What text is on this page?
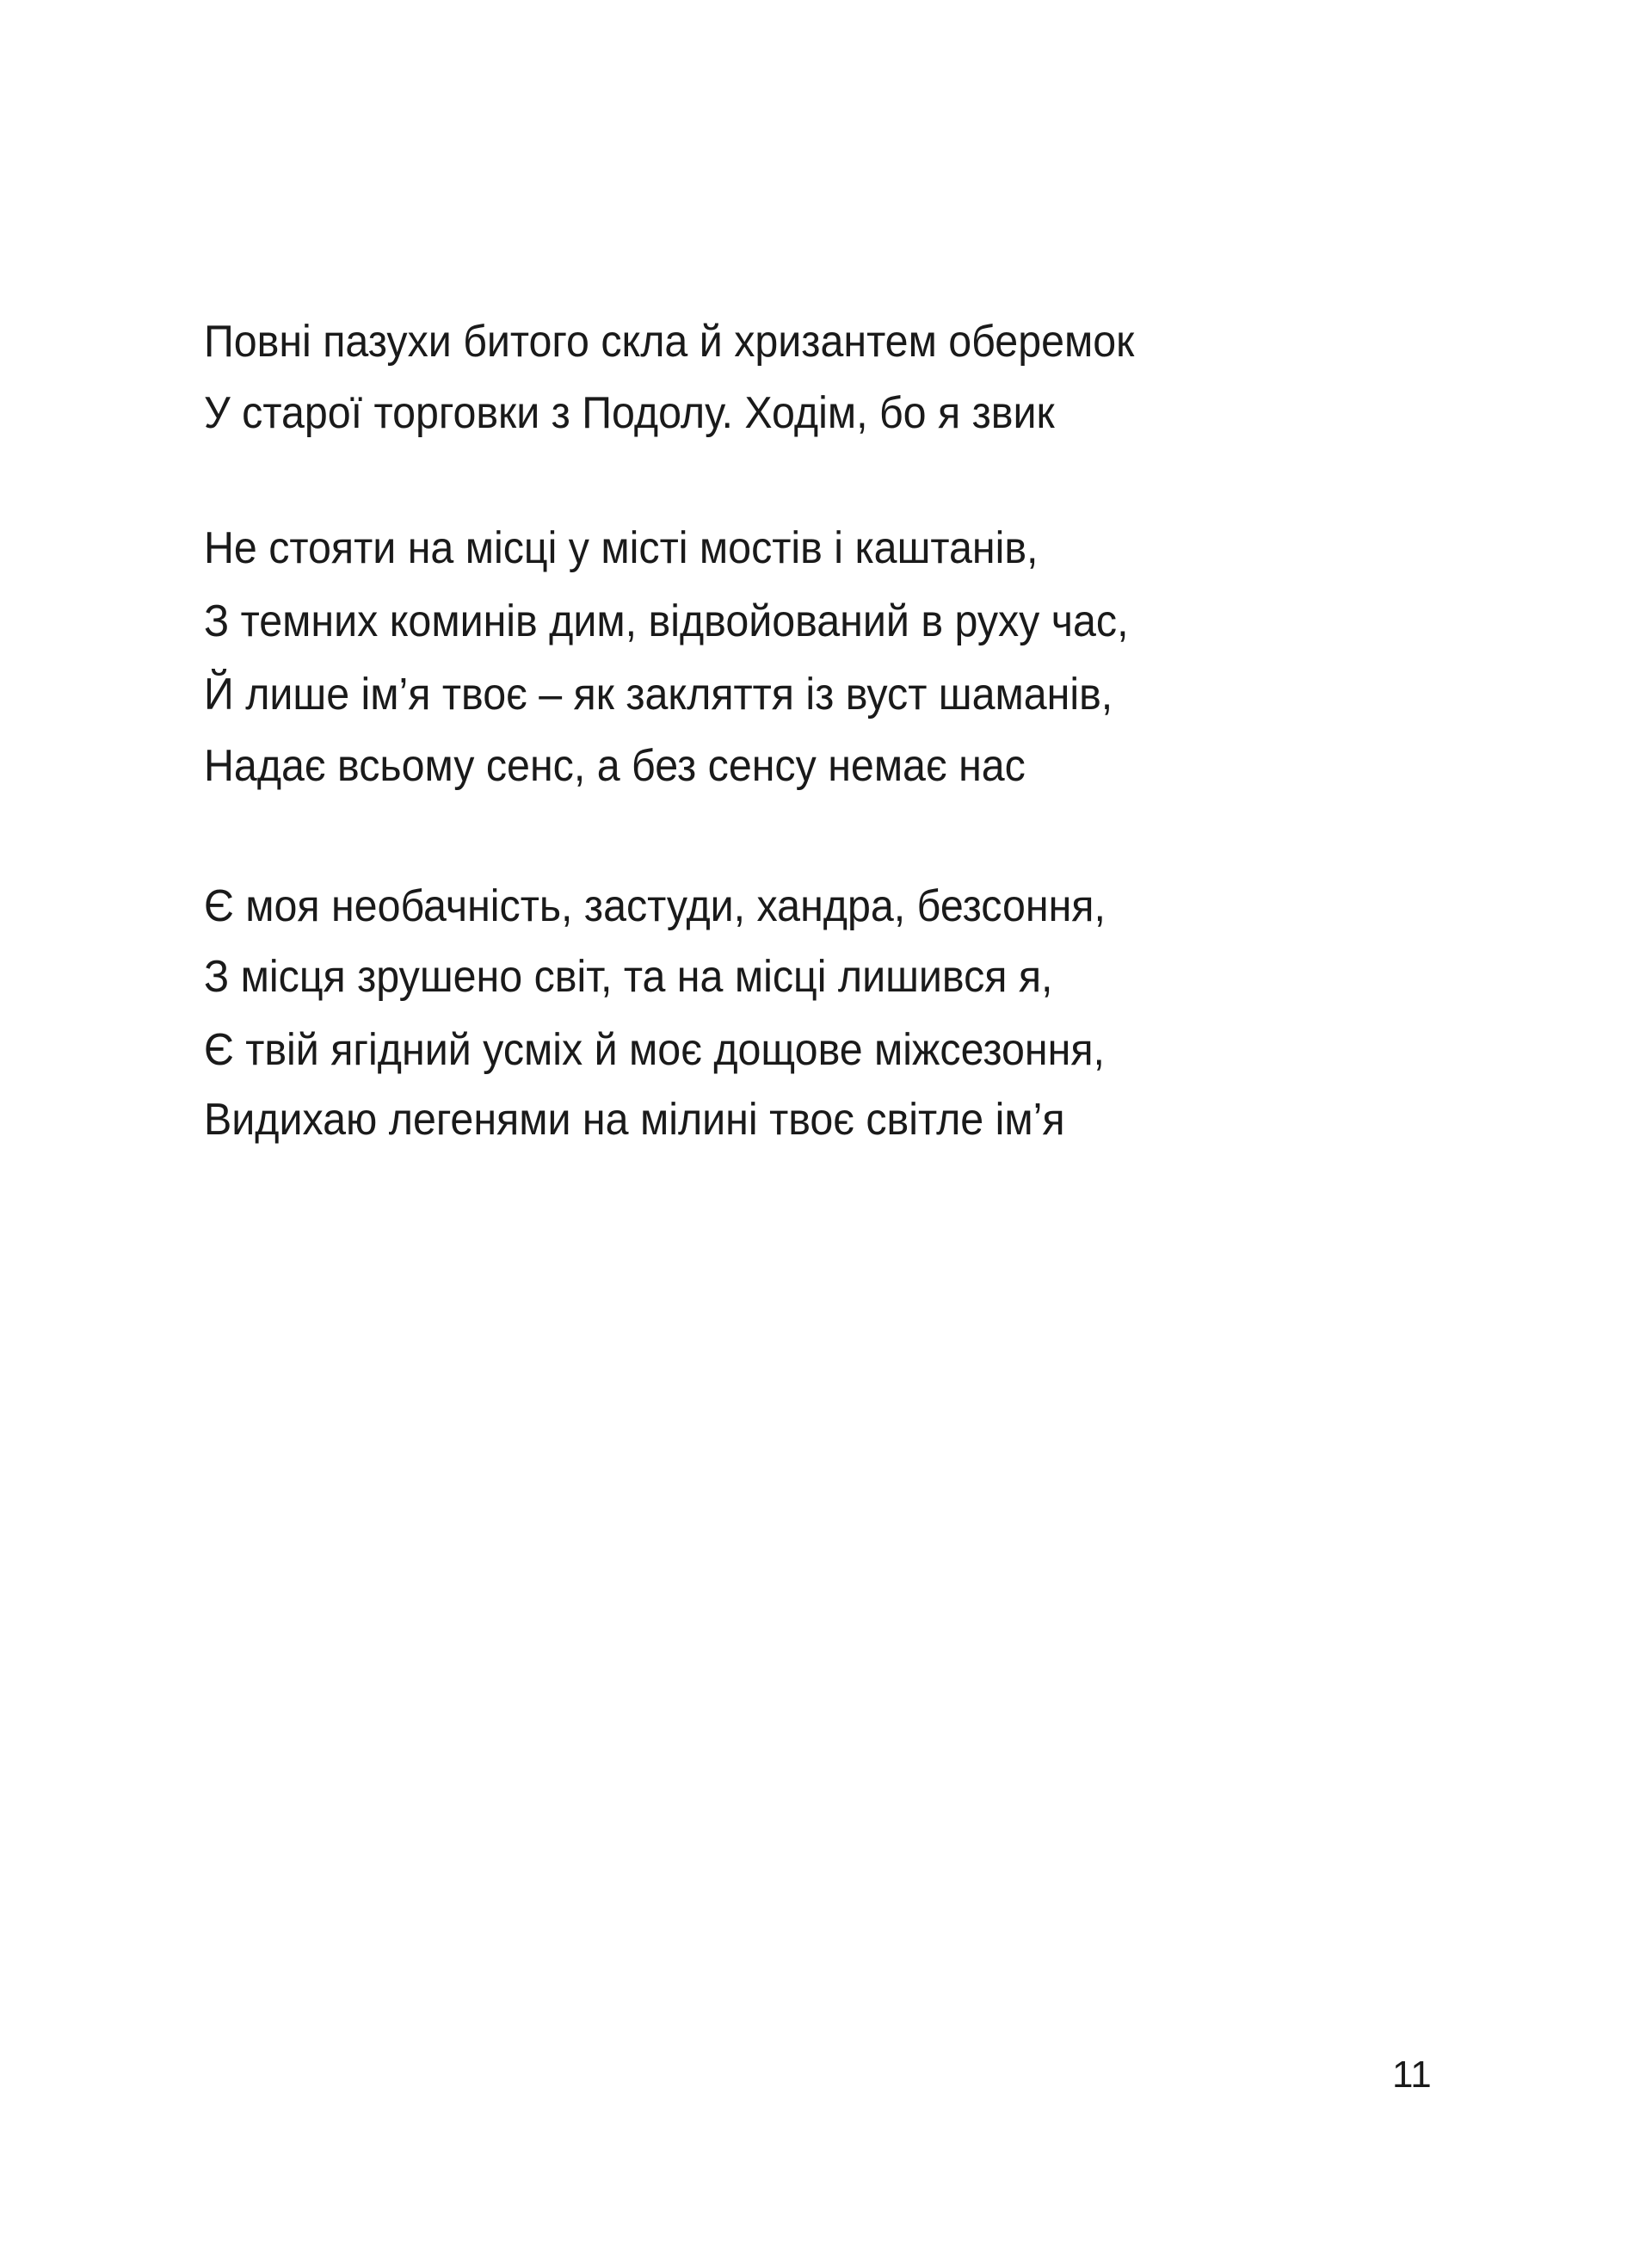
Повні пазухи битого скла й хризантем оберемок
У старої торговки з Подолу. Ходім, бо я звик
Не стояти на місці у місті мостів і каштанів,
З темних коминів дим, відвойований в руху час,
Й лише ім’я твоє – як закляття із вуст шаманів,
Надає всьому сенс, а без сенсу немає нас
Є моя необачність, застуди, хандра, безсоння,
З місця зрушено світ, та на місці лишився я,
Є твій ягідний усміх й моє дощове міжсезоння,
Видихаю легенями на мілині твоє світле ім’я
11
